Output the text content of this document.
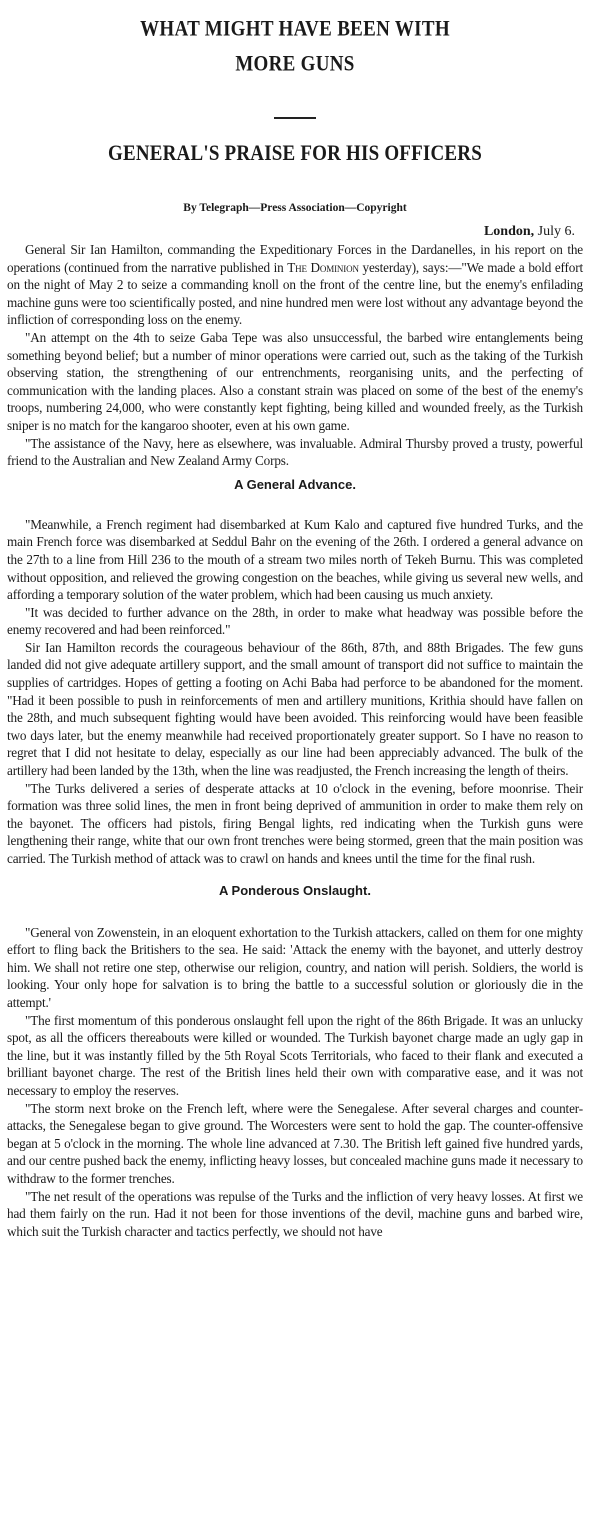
WHAT MIGHT HAVE BEEN WITH
MORE GUNS
GENERAL'S PRAISE FOR HIS OFFICERS
By Telegraph—Press Association—Copyright
London, July 6.

General Sir Ian Hamilton, commanding the Expeditionary Forces in the Dardanelles, in his report on the operations (continued from the narrative published in The Dominion yesterday), says:—"We made a bold effort on the night of May 2 to seize a commanding knoll on the front of the centre line, but the enemy's enfilading machine guns were too scientifically posted, and nine hundred men were lost without any advantage beyond the infliction of corresponding loss on the enemy.

"An attempt on the 4th to seize Gaba Tepe was also unsuccessful, the barbed wire entanglements being something beyond belief; but a number of minor operations were carried out, such as the taking of the Turkish observing station, the strengthening of our entrenchments, reorganising units, and the perfecting of communication with the landing places. Also a constant strain was placed on some of the best of the enemy's troops, numbering 24,000, who were constantly kept fighting, being killed and wounded freely, as the Turkish sniper is no match for the kangaroo shooter, even at his own game.

"The assistance of the Navy, here as elsewhere, was invaluable. Admiral Thursby proved a trusty, powerful friend to the Australian and New Zealand Army Corps.

A General Advance.

"Meanwhile, a French regiment had disembarked at Kum Kalo and captured five hundred Turks, and the main French force was disembarked at Seddul Bahr on the evening of the 26th. I ordered a general advance on the 27th to a line from Hill 236 to the mouth of a stream two miles north of Tekeh Burnu. This was completed without opposition, and relieved the growing congestion on the beaches, while giving us several new wells, and affording a temporary solution of the water problem, which had been causing us much anxiety.

"It was decided to further advance on the 28th, in order to make what headway was possible before the enemy recovered and had been reinforced."

Sir Ian Hamilton records the courageous behaviour of the 86th, 87th, and 88th Brigades. The few guns landed did not give adequate artillery support, and the small amount of transport did not suffice to maintain the supplies of cartridges. Hopes of getting a footing on Achi Baba had perforce to be abandoned for the moment. "Had it been possible to push in reinforcements of men and artillery munitions, Krithia should have fallen on the 28th, and much subsequent fighting would have been avoided. This reinforcing would have been feasible two days later, but the enemy meanwhile had received proportionately greater support. So I have no reason to regret that I did not hesitate to delay, especially as our line had been appreciably advanced. The bulk of the artillery had been landed by the 13th, when the line was readjusted, the French increasing the length of theirs.

"The Turks delivered a series of desperate attacks at 10 o'clock in the evening, before moonrise. Their formation was three solid lines, the men in front being deprived of ammunition in order to make them rely on the bayonet. The officers had pistols, firing Bengal lights, red indicating when the Turkish guns were lengthening their range, white that our own front trenches were being stormed, green that the main position was carried. The Turkish method of attack was to crawl on hands and knees until the time for the final rush.

A Ponderous Onslaught.

"General von Zowenstein, in an eloquent exhortation to the Turkish attackers, called on them for one mighty effort to fling back the Britishers to the sea. He said: 'Attack the enemy with the bayonet, and utterly destroy him. We shall not retire one step, otherwise our religion, country, and nation will perish. Soldiers, the world is looking. Your only hope for salvation is to bring the battle to a successful solution or gloriously die in the attempt.'

"The first momentum of this ponderous onslaught fell upon the right of the 86th Brigade. It was an unlucky spot, as all the officers thereabouts were killed or wounded. The Turkish bayonet charge made an ugly gap in the line, but it was instantly filled by the 5th Royal Scots Territorials, who faced to their flank and executed a brilliant bayonet charge. The rest of the British lines held their own with comparative ease, and it was not necessary to employ the reserves.

"The storm next broke on the French left, where were the Senegalese. After several charges and counter-attacks, the Senegalese began to give ground. The Worcesters were sent to hold the gap. The counter-offensive began at 5 o'clock in the morning. The whole line advanced at 7.30. The British left gained five hundred yards, and our centre pushed back the enemy, inflicting heavy losses, but concealed machine guns made it necessary to withdraw to the former trenches.

"The net result of the operations was repulse of the Turks and the infliction of very heavy losses. At first we had them fairly on the run. Had it not been for those inventions of the devil, machine guns and barbed wire, which suit the Turkish character and tactics perfectly, we should not have
